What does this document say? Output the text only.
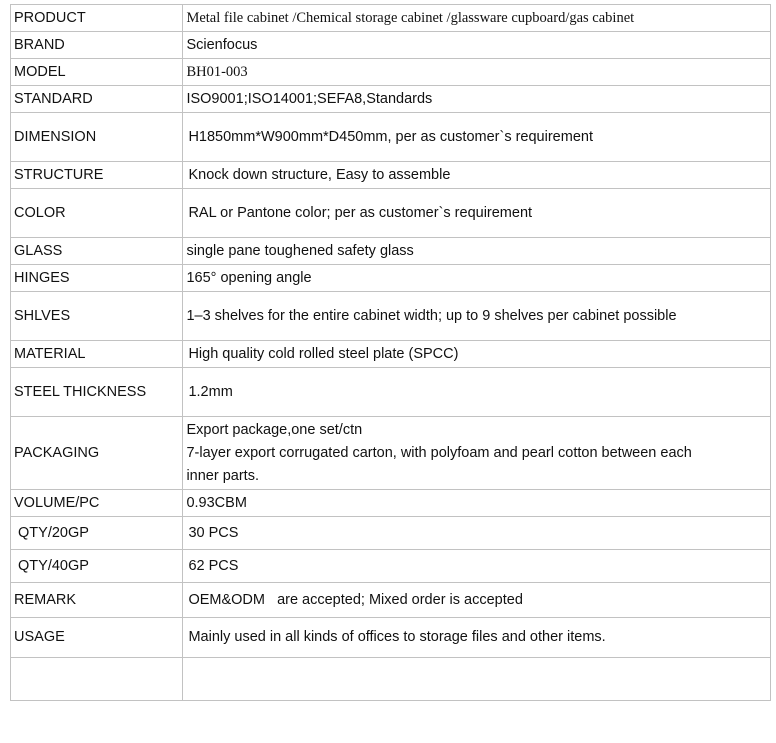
PRODUCT	Metal file cabinet /Chemical storage cabinet /glassware cupboard/gas cabinet
BRAND	Scienfocus
MODEL	BH01-003
STANDARD	ISO9001;ISO14001;SEFA8,Standards
DIMENSION	H1850mm*W900mm*D450mm, per as customer`s requirement
STRUCTURE	Knock down structure, Easy to assemble
COLOR	RAL or Pantone color; per as customer`s requirement
GLASS	single pane toughened safety glass
HINGES	165° opening angle
SHLVES	1–3 shelves for the entire cabinet width; up to 9 shelves per cabinet possible
MATERIAL	High quality cold rolled steel plate (SPCC)
STEEL THICKNESS	1.2mm
PACKAGING	Export package,one set/ctn
7-layer export corrugated carton, with polyfoam and pearl cotton between each
inner parts.

VOLUME/PC	0.93CBM
QTY/20GP	30 PCS
QTY/40GP	62 PCS
REMARK	OEM&ODM   are accepted; Mixed order is accepted
USAGE	Mainly used in all kinds of offices to storage files and other items.
